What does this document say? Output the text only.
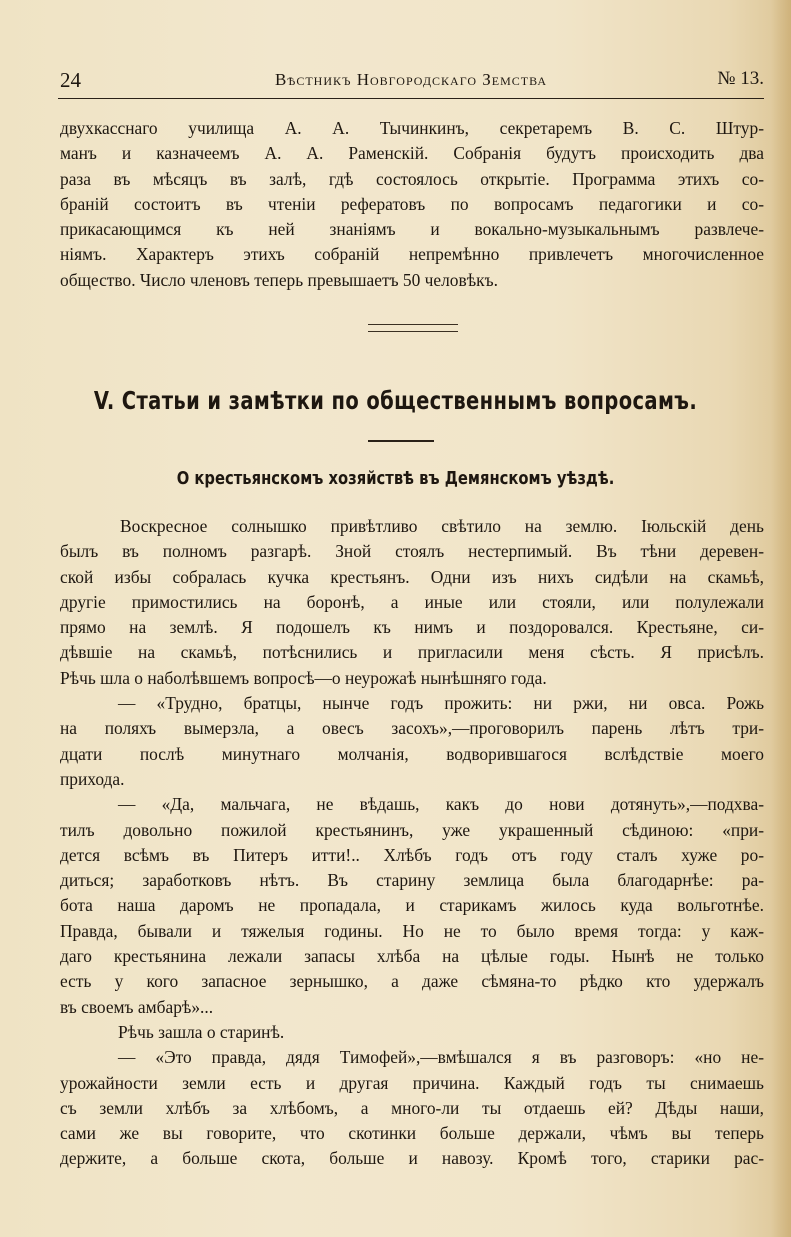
24	Вѣстникъ Новгородскаго Земства	№ 13.
двухкасснаго училища А. А. Тычинкинъ, секретаремъ В. С. Штур-
манъ и казначеемъ А. А. Раменскій. Собранія будутъ происходить два
раза въ мѣсяцъ въ залѣ, гдѣ состоялось открытіе. Программа этихъ со-
браній состоитъ въ чтеніи рефератовъ по вопросамъ педагогики и со-
прикасающимся къ ней знаніямъ и вокально-музыкальнымъ развлече-
ніямъ. Характеръ этихъ собраній непремѣнно привлечетъ многочисленное
общество. Число членовъ теперь превышаетъ 50 человѣкъ.
V. Статьи и замѣтки по общественнымъ вопросамъ.
О крестьянскомъ хозяйствѣ въ Демянскомъ уѣздѣ.
Воскресное солнышко привѣтливо свѣтило на землю. Іюльскій день
былъ въ полномъ разгарѣ. Зной стоялъ нестерпимый. Въ тѣни деревен-
ской избы собралась кучка крестьянъ. Одни изъ нихъ сидѣли на скамьѣ,
другіе примостились на боронѣ, а иные или стояли, или полулежали
прямо на землѣ. Я подошелъ къ нимъ и поздоровался. Крестьяне, си-
дѣвшіе на скамьѣ, потѣснились и пригласили меня сѣсть. Я присѣлъ.
Рѣчь шла о наболѣвшемъ вопросѣ—о неурожаѣ нынѣшняго года.
— «Трудно, братцы, нынче годъ прожить: ни ржи, ни овса. Рожь
на поляхъ вымерзла, а овесъ засохъ»,—проговорилъ парень лѣтъ три-
дцати послѣ минутнаго молчанія, водворившагося вслѣдствіе моего
прихода.
— «Да, мальчага, не вѣдашь, какъ до нови дотянуть»,—подхва-
тилъ довольно пожилой крестьянинъ, уже украшенный сѣдиною: «при-
дется всѣмъ въ Питеръ итти!.. Хлѣбъ годъ отъ году сталъ хуже ро-
диться; заработковъ нѣтъ. Въ старину землица была благодарнѣе: ра-
бота наша даромъ не пропадала, и старикамъ жилось куда вольготнѣе.
Правда, бывали и тяжелыя годины. Но не то было время тогда: у каж-
даго крестьянина лежали запасы хлѣба на цѣлые годы. Нынѣ не только
есть у кого запасное зернышко, а даже сѣмяна-то рѣдко кто удержалъ
въ своемъ амбарѣ»...
Рѣчь зашла о старинѣ.
— «Это правда, дядя Тимофей»,—вмѣшался я въ разговоръ: «но не-
урожайности земли есть и другая причина. Каждый годъ ты снимаешь
съ земли хлѣбъ за хлѣбомъ, а много-ли ты отдаешь ей? Дѣды наши,
сами же вы говорите, что скотинки больше держали, чѣмъ вы теперь
держите, а больше скота, больше и навозу. Кромѣ того, старики рас-
